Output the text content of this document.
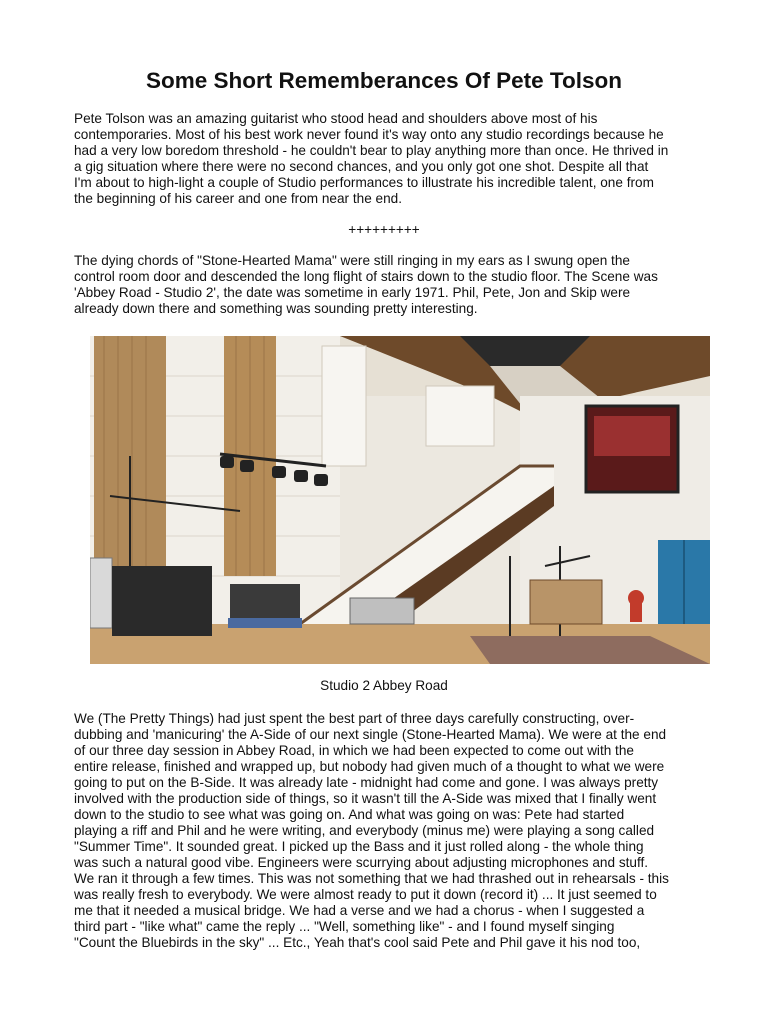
Some Short Rememberances Of Pete Tolson
Pete Tolson was an amazing guitarist who stood head and shoulders above most of his
contemporaries. Most of his best work never found it's way onto any studio recordings because he
had a very low boredom threshold - he couldn't bear to play anything more than once. He thrived in
a gig situation where there were no second chances, and you only got one shot. Despite all that
I'm about to high-light a couple of Studio performances to illustrate his incredible talent, one from
the beginning of his career and one from near the end.
+++++++++
The dying chords of "Stone-Hearted Mama" were still ringing in my ears as I swung open the
control room door and descended the long flight of stairs down to the studio floor. The Scene was
'Abbey Road - Studio 2', the date was sometime in early 1971. Phil, Pete, Jon and Skip were
already down there and something was sounding pretty interesting.
Studio 2 Abbey Road
We (The Pretty Things) had just spent the best part of three days carefully constructing, over-
dubbing and 'manicuring' the A-Side of our next single (Stone-Hearted Mama). We were at the end
of our three day session in Abbey Road, in which we had been expected to come out with the
entire release, finished and wrapped up, but nobody had given much of a thought to what we were
going to put on the B-Side. It was already late - midnight had come and gone. I was always pretty
involved with the production side of things, so it wasn't till the A-Side was mixed that I finally went
down to the studio to see what was going on. And what was going on was: Pete had started
playing a riff and Phil and he were writing, and everybody (minus me) were playing a song called
"Summer Time". It sounded great. I picked up the Bass and it just rolled along - the whole thing
was such a natural good vibe. Engineers were scurrying about adjusting microphones and stuff.
We ran it through a few times. This was not something that we had thrashed out in rehearsals - this
was really fresh to everybody. We were almost ready to put it down (record it) ... It just seemed to
me that it needed a musical bridge. We had a verse and we had a chorus - when I suggested a
third part - "like what" came the reply ... "Well, something like" - and I found myself singing
"Count the Bluebirds in the sky" ... Etc., Yeah that's cool said Pete and Phil gave it his nod too,
